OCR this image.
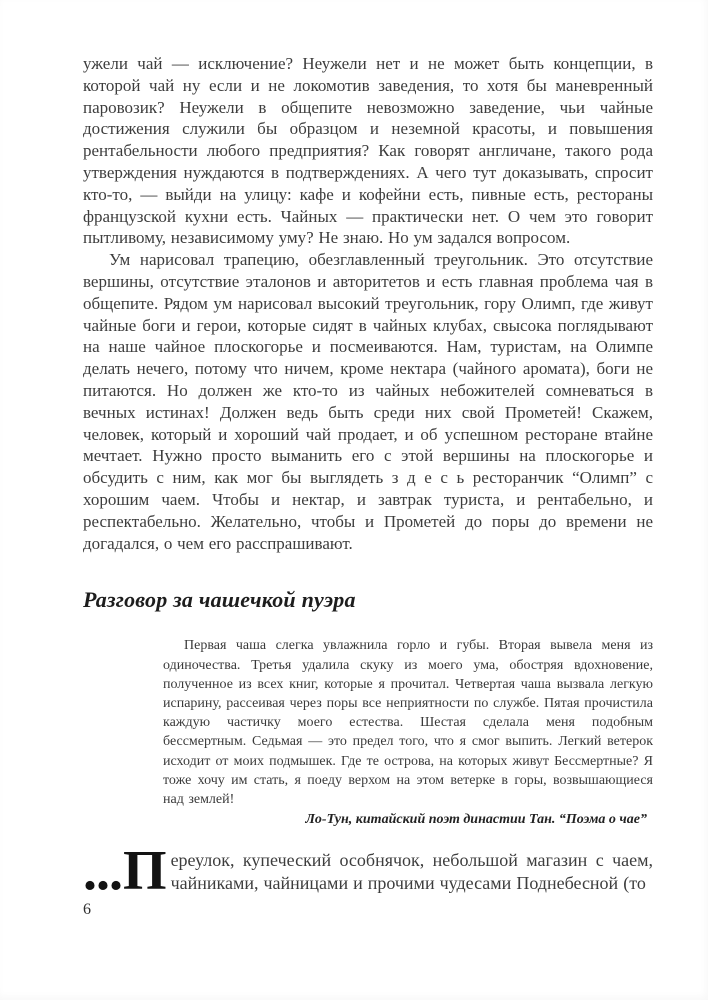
ужели чай — исключение? Неужели нет и не может быть концепции, в которой чай ну если и не локомотив заведения, то хотя бы маневренный паровозик? Неужели в общепите невозможно заведение, чьи чайные достижения служили бы образцом и неземной красоты, и повышения рентабельности любого предприятия? Как говорят англичане, такого рода утверждения нуждаются в подтверждениях. А чего тут доказывать, спросит кто-то, — выйди на улицу: кафе и кофейни есть, пивные есть, рестораны французской кухни есть. Чайных — практически нет. О чем это говорит пытливому, независимому уму? Не знаю. Но ум задался вопросом.

Ум нарисовал трапецию, обезглавленный треугольник. Это отсутствие вершины, отсутствие эталонов и авторитетов и есть главная проблема чая в общепите. Рядом ум нарисовал высокий треугольник, гору Олимп, где живут чайные боги и герои, которые сидят в чайных клубах, свысока поглядывают на наше чайное плоскогорье и посмеиваются. Нам, туристам, на Олимпе делать нечего, потому что ничем, кроме нектара (чайного аромата), боги не питаются. Но должен же кто-то из чайных небожителей сомневаться в вечных истинах! Должен ведь быть среди них свой Прометей! Скажем, человек, который и хороший чай продает, и об успешном ресторане втайне мечтает. Нужно просто выманить его с этой вершины на плоскогорье и обсудить с ним, как мог бы выглядеть з д е с ь ресторанчик “Олимп” с хорошим чаем. Чтобы и нектар, и завтрак туриста, и рентабельно, и респектабельно. Желательно, чтобы и Прометей до поры до времени не догадался, о чем его расспрашивают.

Разговор за чашечкой пуэра
Первая чаша слегка увлажнила горло и губы. Вторая вывела меня из одиночества. Третья удалила скуку из моего ума, обостряя вдохновение, полученное из всех книг, которые я прочитал. Четвертая чаша вызвала легкую испарину, рассеивая через поры все неприятности по службе. Пятая прочистила каждую частичку моего естества. Шестая сделала меня подобным бессмертным. Седьмая — это предел того, что я смог выпить. Легкий ветерок исходит от моих подмышек. Где те острова, на которых живут Бессмертные? Я тоже хочу им стать, я поеду верхом на этом ветерке в горы, возвышающиеся над землей!
Ло-Тун, китайский поэт династии Тан. “Поэма о чае”

...П ереулок, купеческий особнячок, небольшой магазин с чаем, чайниками, чайницами и прочими чудесами Поднебесной (то

6
